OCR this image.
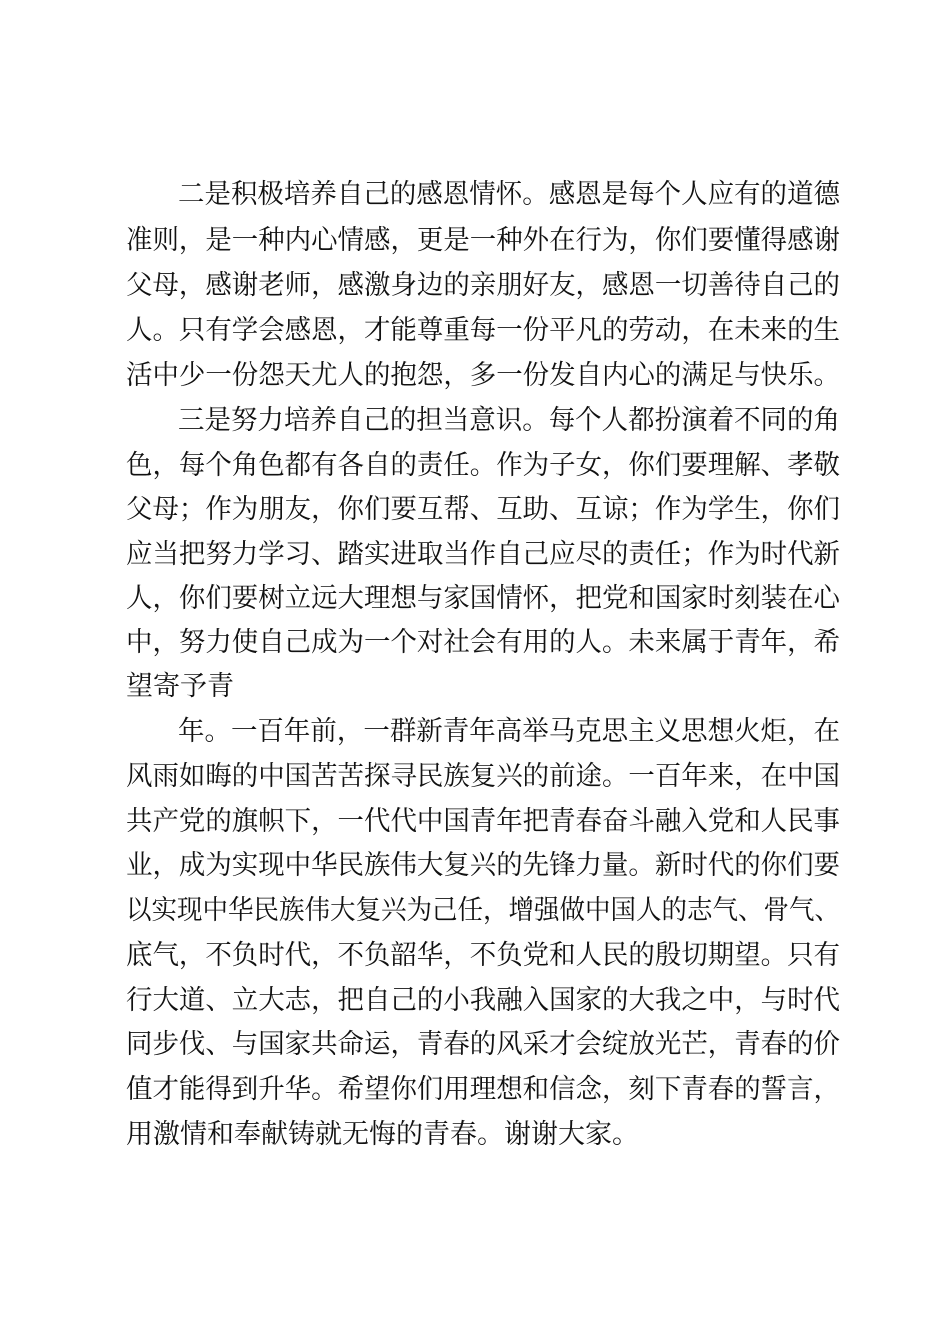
二是积极培养自己的感恩情怀。感恩是每个人应有的道德
准则，是一种内心情感，更是一种外在行为，你们要懂得感谢
父母，感谢老师，感激身边的亲朋好友，感恩一切善待自己的
人。只有学会感恩，才能尊重每一份平凡的劳动，在未来的生
活中少一份怨天尤人的抱怨，多一份发自内心的满足与快乐。
三是努力培养自己的担当意识。每个人都扮演着不同的角
色，每个角色都有各自的责任。作为子女，你们要理解、孝敬
父母；作为朋友，你们要互帮、互助、互谅；作为学生，你们
应当把努力学习、踏实进取当作自己应尽的责任；作为时代新
人，你们要树立远大理想与家国情怀，把党和国家时刻装在心
中，努力使自己成为一个对社会有用的人。未来属于青年，希
望寄予青
年。一百年前，一群新青年高举马克思主义思想火炬，在
风雨如晦的中国苦苦探寻民族复兴的前途。一百年来，在中国
共产党的旗帜下，一代代中国青年把青春奋斗融入党和人民事
业，成为实现中华民族伟大复兴的先锋力量。新时代的你们要
以实现中华民族伟大复兴为己任，增强做中国人的志气、骨气、
底气，不负时代，不负韶华，不负党和人民的殷切期望。只有
行大道、立大志，把自己的小我融入国家的大我之中，与时代
同步伐、与国家共命运，青春的风采才会绽放光芒，青春的价
值才能得到升华。希望你们用理想和信念，刻下青春的誓言，
用激情和奉献铸就无悔的青春。谢谢大家。
